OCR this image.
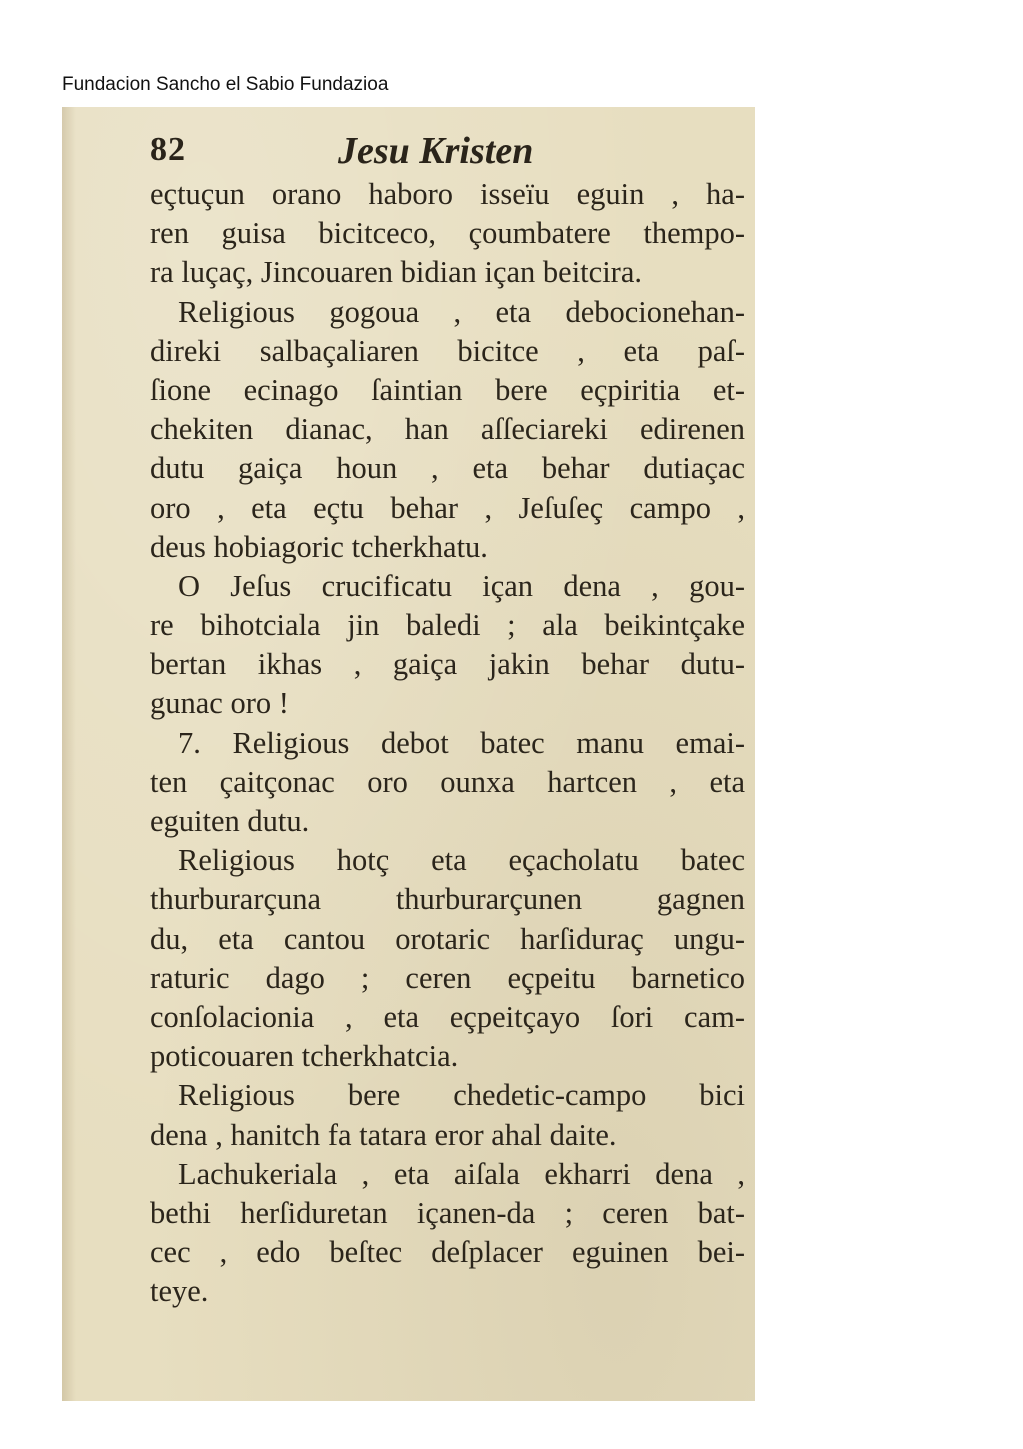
Fundacion Sancho el Sabio Fundazioa
82	Jesu Kristen
eçtuçun orano haboro isseïu eguin , ha-
ren guisa bicitceco, çoumbatere thempo-
ra luçaç, Jincouaren bidian içan beitcira.
Religious gogoua , eta debocionehan-
direki salbaçaliaren bicitce , eta paſ-
ſione ecinago ſaintian bere eçpiritia et-
chekiten dianac, han aſſeciareki edirenen
dutu gaiça houn , eta behar dutiaçac
oro , eta eçtu behar , Jeſuſeç campo ,
deus hobiagoric tcherkhatu.
O Jeſus crucificatu içan dena , gou-
re bihotciala jin baledi ; ala beikintçake
bertan ikhas , gaiça jakin behar dutu-
gunac oro !
7. Religious debot batec manu emai-
ten çaitçonac oro ounxa hartcen , eta
eguiten dutu.
Religious hotç eta eçacholatu batec
thurburarçuna thurburarçunen gagnen
du, eta cantou orotaric harſiduraç ungu-
raturic dago ; ceren eçpeitu barnetico
conſolacionia , eta eçpeitçayo ſori cam-
poticouaren tcherkhatcia.
Religious bere chedetic-campo bici
dena , hanitch fa tatara eror ahal daite.
Lachukeriala , eta aiſala ekharri dena ,
bethi herſiduretan içanen-da ; ceren bat-
cec , edo beſtec deſplacer eguinen bei-
teye.
